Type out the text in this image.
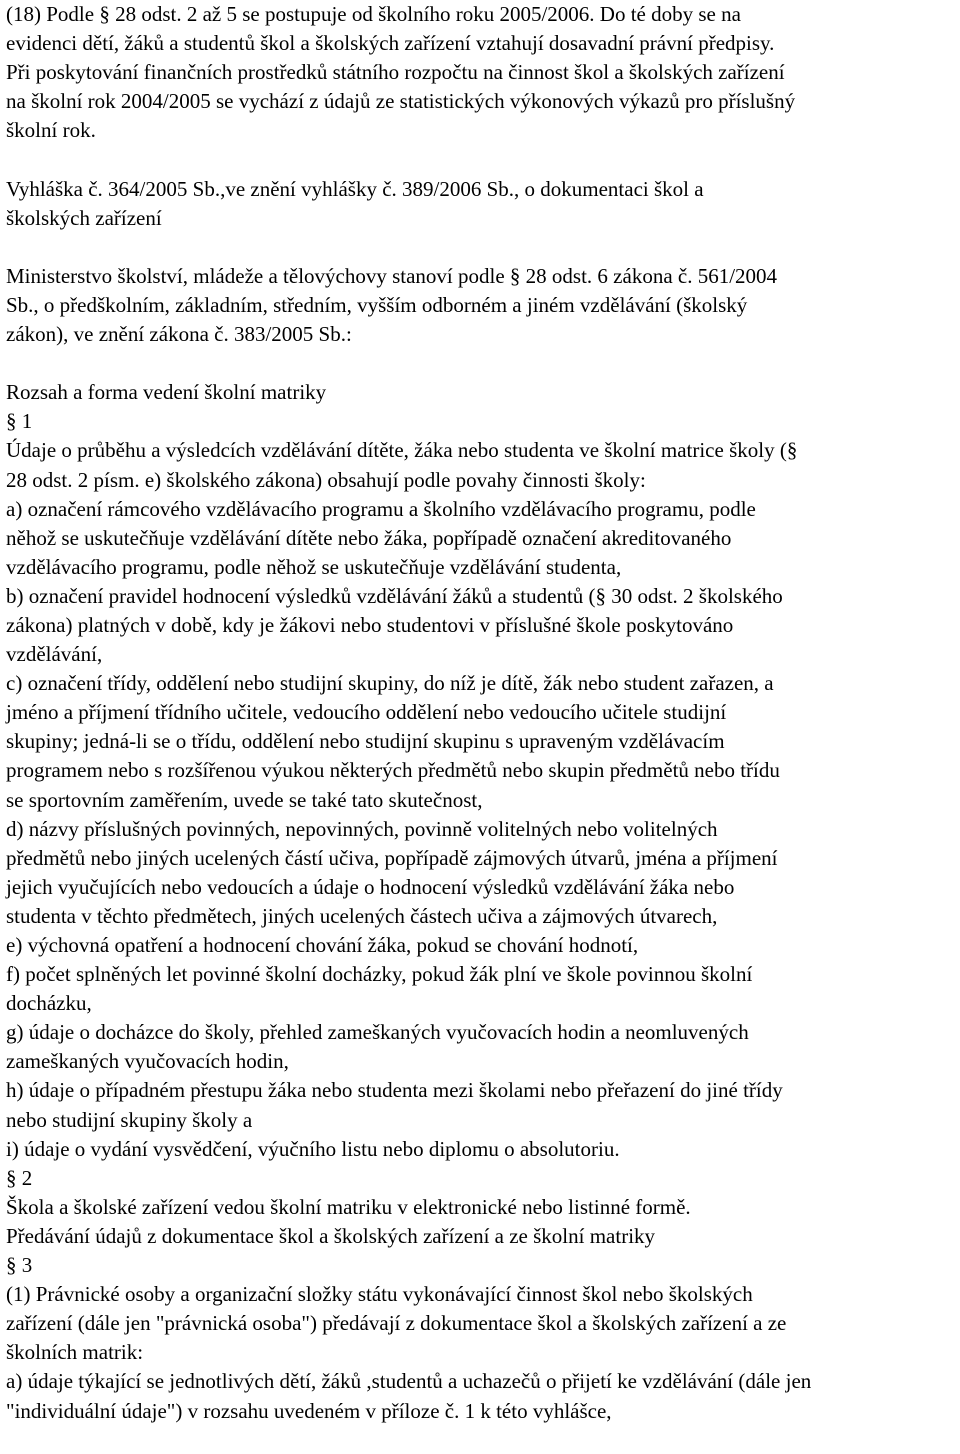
(18) Podle § 28 odst. 2 až 5 se postupuje od školního roku 2005/2006. Do té doby se na
evidenci dětí, žáků a studentů škol a školských zařízení vztahují dosavadní právní předpisy.
Při poskytování finančních prostředků státního rozpočtu na činnost škol a školských zařízení
na školní rok 2004/2005 se vychází z údajů ze statistických výkonových výkazů pro příslušný
školní rok.
Vyhláška č. 364/2005 Sb.,ve znění vyhlášky č. 389/2006 Sb., o dokumentaci škol a
školských zařízení
Ministerstvo školství, mládeže a tělovýchovy stanoví podle § 28 odst. 6 zákona č. 561/2004
Sb., o předškolním, základním, středním, vyšším odborném a jiném vzdělávání (školský
zákon), ve znění zákona č. 383/2005 Sb.:
Rozsah a forma vedení školní matriky
§ 1
Údaje o průběhu a výsledcích vzdělávání dítěte, žáka nebo studenta ve školní matrice školy (§
28 odst. 2 písm. e) školského zákona) obsahují podle povahy činnosti školy:
a) označení rámcového vzdělávacího programu a školního vzdělávacího programu, podle
něhož se uskutečňuje vzdělávání dítěte nebo žáka, popřípadě označení akreditovaného
vzdělávacího programu, podle něhož se uskutečňuje vzdělávání studenta,
b) označení pravidel hodnocení výsledků vzdělávání žáků a studentů (§ 30 odst. 2 školského
zákona) platných v době, kdy je žákovi nebo studentovi v příslušné škole poskytováno
vzdělávání,
c) označení třídy, oddělení nebo studijní skupiny, do níž je dítě, žák nebo student zařazen, a
jméno a příjmení třídního učitele, vedoucího oddělení nebo vedoucího učitele studijní
skupiny; jedná-li se o třídu, oddělení nebo studijní skupinu s upraveným vzdělávacím
programem nebo s rozšířenou výukou některých předmětů nebo skupin předmětů nebo třídu
se sportovním zaměřením, uvede se také tato skutečnost,
d) názvy příslušných povinných, nepovinných, povinně volitelných nebo volitelných
předmětů nebo jiných ucelených částí učiva, popřípadě zájmových útvarů, jména a příjmení
jejich vyučujících nebo vedoucích a údaje o hodnocení výsledků vzdělávání žáka nebo
studenta v těchto předmětech, jiných ucelených částech učiva a zájmových útvarech,
e) výchovná opatření a hodnocení chování žáka, pokud se chování hodnotí,
f) počet splněných let povinné školní docházky, pokud žák plní ve škole povinnou školní
docházku,
g) údaje o docházce do školy, přehled zameškaných vyučovacích hodin a neomluvených
zameškaných vyučovacích hodin,
h) údaje o případném přestupu žáka nebo studenta mezi školami nebo přeřazení do jiné třídy
nebo studijní skupiny školy a
i) údaje o vydání vysvědčení, výučního listu nebo diplomu o absolutoriu.
§ 2
Škola a školské zařízení vedou školní matriku v elektronické nebo listinné formě.
Předávání údajů z dokumentace škol a školských zařízení a ze školní matriky
§ 3
(1) Právnické osoby a organizační složky státu vykonávající činnost škol nebo školských
zařízení (dále jen "právnická osoba") předávají z dokumentace škol a školských zařízení a ze
školních matrik:
a) údaje týkající se jednotlivých dětí, žáků ,studentů a uchazečů o přijetí ke vzdělávání (dále jen
"individuální údaje") v rozsahu uvedeném v příloze č. 1 k této vyhlášce,
